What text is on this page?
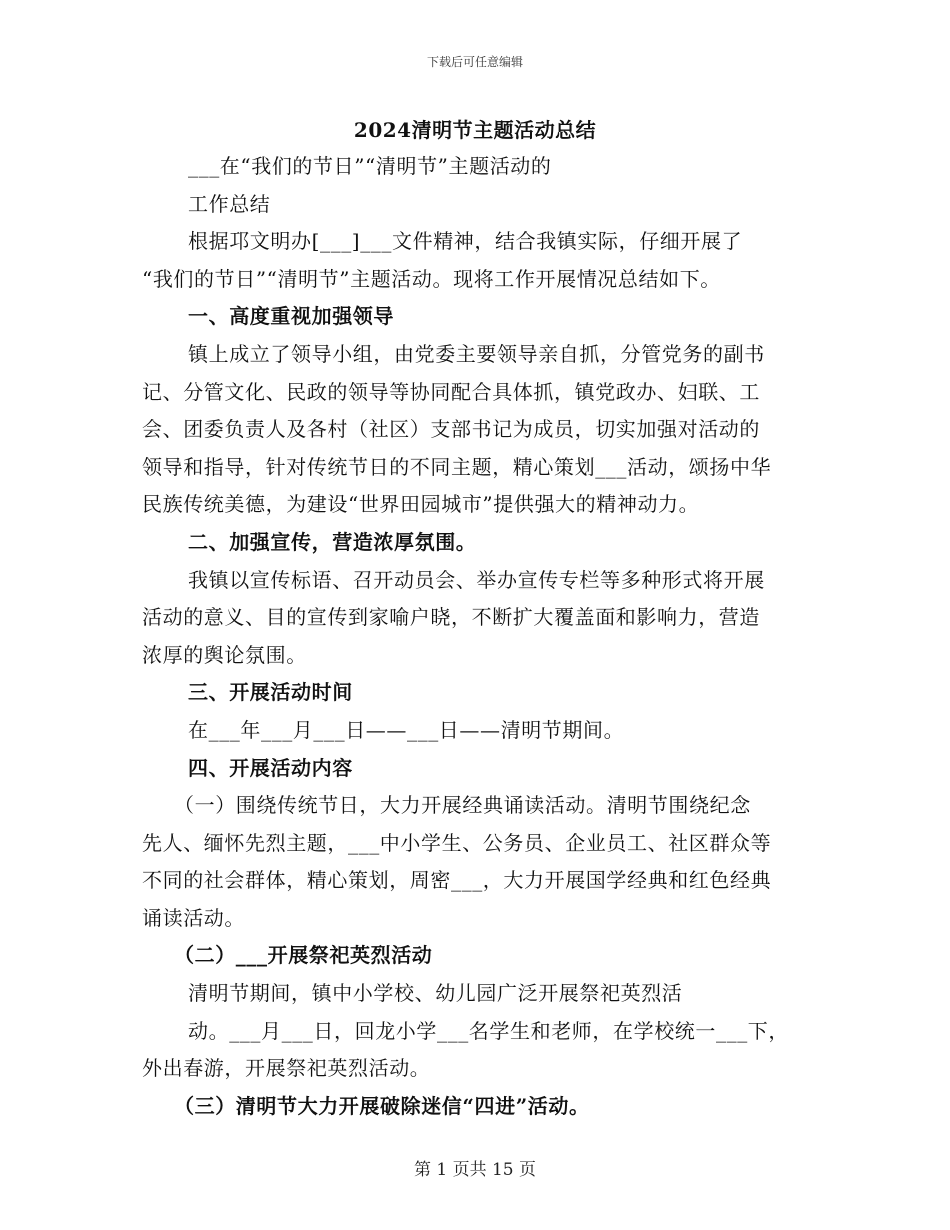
下载后可任意编辑
2024清明节主题活动总结
___在“我们的节日”“清明节”主题活动的
工作总结
根据邛文明办[___]___文件精神，结合我镇实际，仔细开展了
“我们的节日”“清明节”主题活动。现将工作开展情况总结如下。
一、高度重视加强领导
镇上成立了领导小组，由党委主要领导亲自抓，分管党务的副书
记、分管文化、民政的领导等协同配合具体抓，镇党政办、妇联、工
会、团委负责人及各村（社区）支部书记为成员，切实加强对活动的
领导和指导，针对传统节日的不同主题，精心策划___活动，颂扬中华
民族传统美德，为建设“世界田园城市”提供强大的精神动力。
二、加强宣传，营造浓厚氛围。
我镇以宣传标语、召开动员会、举办宣传专栏等多种形式将开展
活动的意义、目的宣传到家喻户晓，不断扩大覆盖面和影响力，营造
浓厚的舆论氛围。
三、开展活动时间
在___年___月___日——___日——清明节期间。
四、开展活动内容
（一）围绕传统节日，大力开展经典诵读活动。清明节围绕纪念
先人、缅怀先烈主题，___中小学生、公务员、企业员工、社区群众等
不同的社会群体，精心策划，周密___，大力开展国学经典和红色经典
诵读活动。
（二）___开展祭祀英烈活动
清明节期间，镇中小学校、幼儿园广泛开展祭祀英烈活
动。___月___日，回龙小学___名学生和老师，在学校统一___下，
外出春游，开展祭祀英烈活动。
（三）清明节大力开展破除迷信“四进”活动。
第 1 页共 15 页
